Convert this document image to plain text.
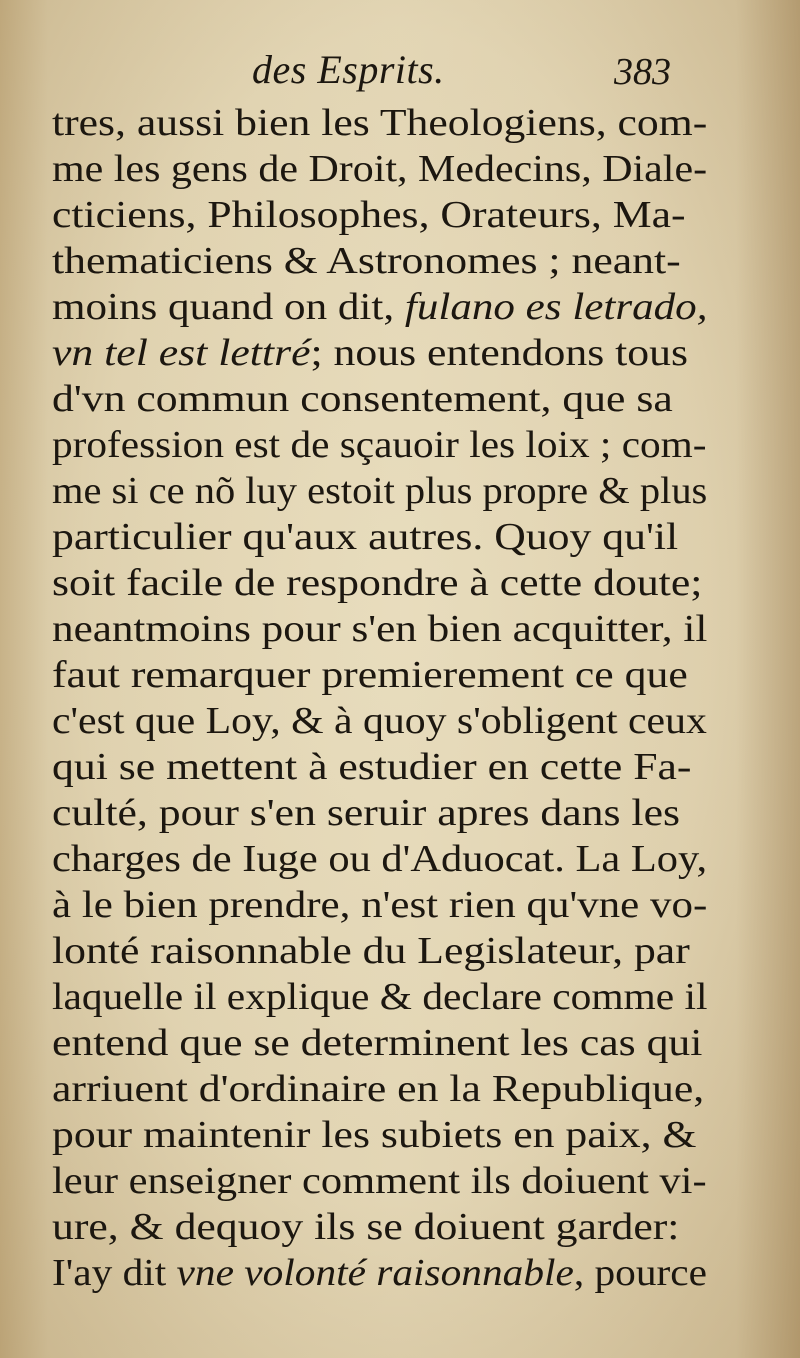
des Esprits.	383
tres, aussi bien les Theologiens, com-
me les gens de Droit, Medecins, Diale-
cticiens, Philosophes, Orateurs, Ma-
thematiciens & Astronomes ; neant-
moins quand on dit, fulano es letrado,
vn tel est lettré; nous entendons tous
d'vn commun consentement, que sa
profession est de sçauoir les loix ; com-
me si ce nõ luy estoit plus propre & plus
particulier qu'aux autres. Quoy qu'il
soit facile de respondre à cette doute;
neantmoins pour s'en bien acquitter, il
faut remarquer premierement ce que
c'est que Loy, & à quoy s'obligent ceux
qui se mettent à estudier en cette Fa-
culté, pour s'en seruir apres dans les
charges de Iuge ou d'Aduocat. La Loy,
à le bien prendre, n'est rien qu'vne vo-
lonté raisonnable du Legislateur, par
laquelle il explique & declare comme il
entend que se determinent les cas qui
arriuent d'ordinaire en la Republique,
pour maintenir les subiets en paix, &
leur enseigner comment ils doiuent vi-
ure, & dequoy ils se doiuent garder:
I'ay dit vne volonté raisonnable, pource
